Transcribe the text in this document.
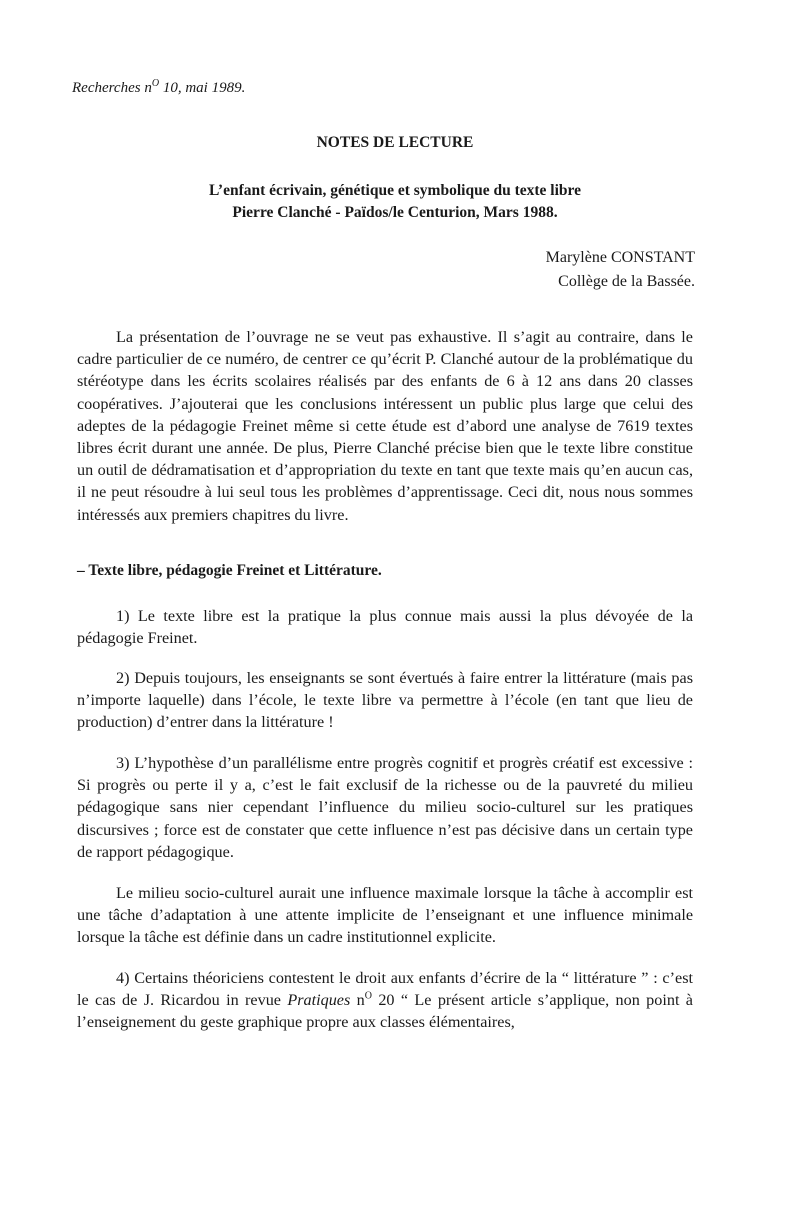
Recherches $n^O$ 10, mai 1989.
NOTES DE LECTURE
L’enfant écrivain, génétique et symbolique du texte libre
Pierre Clanché - Païdos/le Centurion, Mars 1988.
Marylène CONSTANT
Collège de la Bassée.

La présentation de l’ouvrage ne se veut pas exhaustive. Il s’agit au contraire, dans le cadre particulier de ce numéro, de centrer ce qu’écrit P. Clanché autour de la problématique du stéréotype dans les écrits scolaires réalisés par des enfants de 6 à 12 ans dans 20 classes coopératives. J’ajouterai que les conclusions intéressent un public plus large que celui des adeptes de la pédagogie Freinet même si cette étude est d’abord une analyse de 7619 textes libres écrit durant une année. De plus, Pierre Clanché précise bien que le texte libre constitue un outil de dédramatisation et d’appropriation du texte en tant que texte mais qu’en aucun cas, il ne peut résoudre à lui seul tous les problèmes d’apprentissage. Ceci dit, nous nous sommes intéressés aux premiers chapitres du livre.

– Texte libre, pédagogie Freinet et Littérature.

1) Le texte libre est la pratique la plus connue mais aussi la plus dévoyée de la pédagogie Freinet.

2) Depuis toujours, les enseignants se sont évertués à faire entrer la littérature (mais pas n’importe laquelle) dans l’école, le texte libre va permettre à l’école (en tant que lieu de production) d’entrer dans la littérature !

3) L’hypothèse d’un parallélisme entre progrès cognitif et progrès créatif est excessive : Si progrès ou perte il y a, c’est le fait exclusif de la richesse ou de la pauvreté du milieu pédagogique sans nier cependant l’influence du milieu socio-culturel sur les pratiques discursives ; force est de constater que cette influence n’est pas décisive dans un certain type de rapport pédagogique.

Le milieu socio-culturel aurait une influence maximale lorsque la tâche à accomplir est une tâche d’adaptation à une attente implicite de l’enseignant et une influence minimale lorsque la tâche est définie dans un cadre institutionnel explicite.

4) Certains théoriciens contestent le droit aux enfants d’écrire de la “ littérature ” : c’est le cas de J. Ricardou in revue Pratiques $n^O$ 20 “ Le présent article s’applique, non point à l’enseignement du geste graphique propre aux classes élémentaires,
